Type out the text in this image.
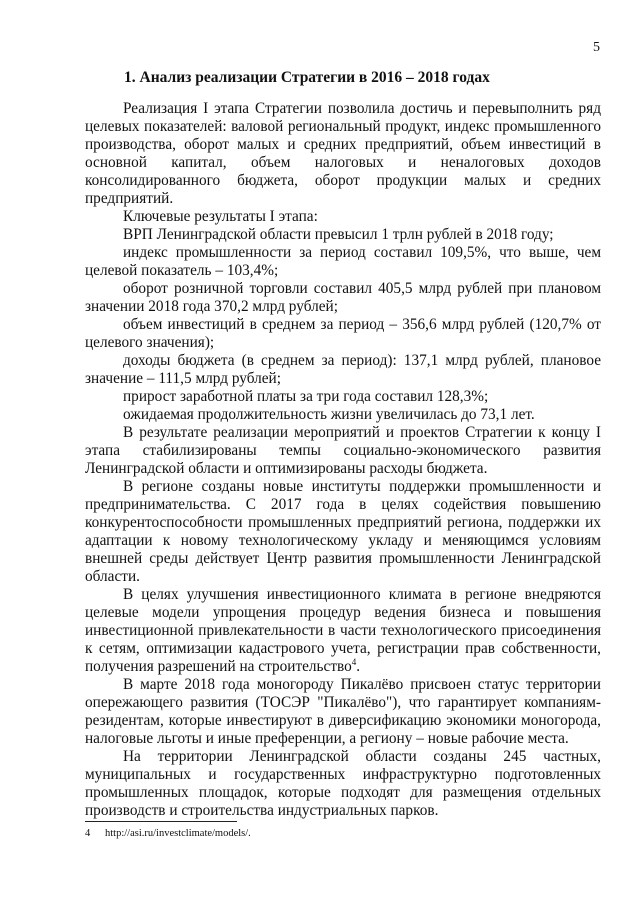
5
1. Анализ реализации Стратегии в 2016 – 2018 годах

Реализация I этапа Стратегии позволила достичь и перевыполнить ряд целевых показателей: валовой региональный продукт, индекс промышленного производства, оборот малых и средних предприятий, объем инвестиций в основной капитал, объем налоговых и неналоговых доходов консолидированного бюджета, оборот продукции малых и средних предприятий.

Ключевые результаты I этапа:

ВРП Ленинградской области превысил 1 трлн рублей в 2018 году;

индекс промышленности за период составил 109,5%, что выше, чем целевой показатель – 103,4%;

оборот розничной торговли составил 405,5 млрд рублей при плановом значении 2018 года 370,2 млрд рублей;

объем инвестиций в среднем за период – 356,6 млрд рублей (120,7% от целевого значения);

доходы бюджета (в среднем за период): 137,1 млрд рублей, плановое значение – 111,5 млрд рублей;

прирост заработной платы за три года составил 128,3%;

ожидаемая продолжительность жизни увеличилась до 73,1 лет.

В результате реализации мероприятий и проектов Стратегии к концу I этапа стабилизированы темпы социально-экономического развития Ленинградской области и оптимизированы расходы бюджета.

В регионе созданы новые институты поддержки промышленности и предпринимательства. С 2017 года в целях содействия повышению конкурентоспособности промышленных предприятий региона, поддержки их адаптации к новому технологическому укладу и меняющимся условиям внешней среды действует Центр развития промышленности Ленинградской области.

В целях улучшения инвестиционного климата в регионе внедряются целевые модели упрощения процедур ведения бизнеса и повышения инвестиционной привлекательности в части технологического присоединения к сетям, оптимизации кадастрового учета, регистрации прав собственности, получения разрешений на строительство$^4$.

В марте 2018 года моногороду Пикалёво присвоен статус территории опережающего развития (ТОСЭР "Пикалёво"), что гарантирует компаниям-резидентам, которые инвестируют в диверсификацию экономики моногорода, налоговые льготы и иные преференции, а региону – новые рабочие места.

На территории Ленинградской области созданы 245 частных, муниципальных и государственных инфраструктурно подготовленных промышленных площадок, которые подходят для размещения отдельных производств и строительства индустриальных парков.

4 http://asi.ru/investclimate/models/.
